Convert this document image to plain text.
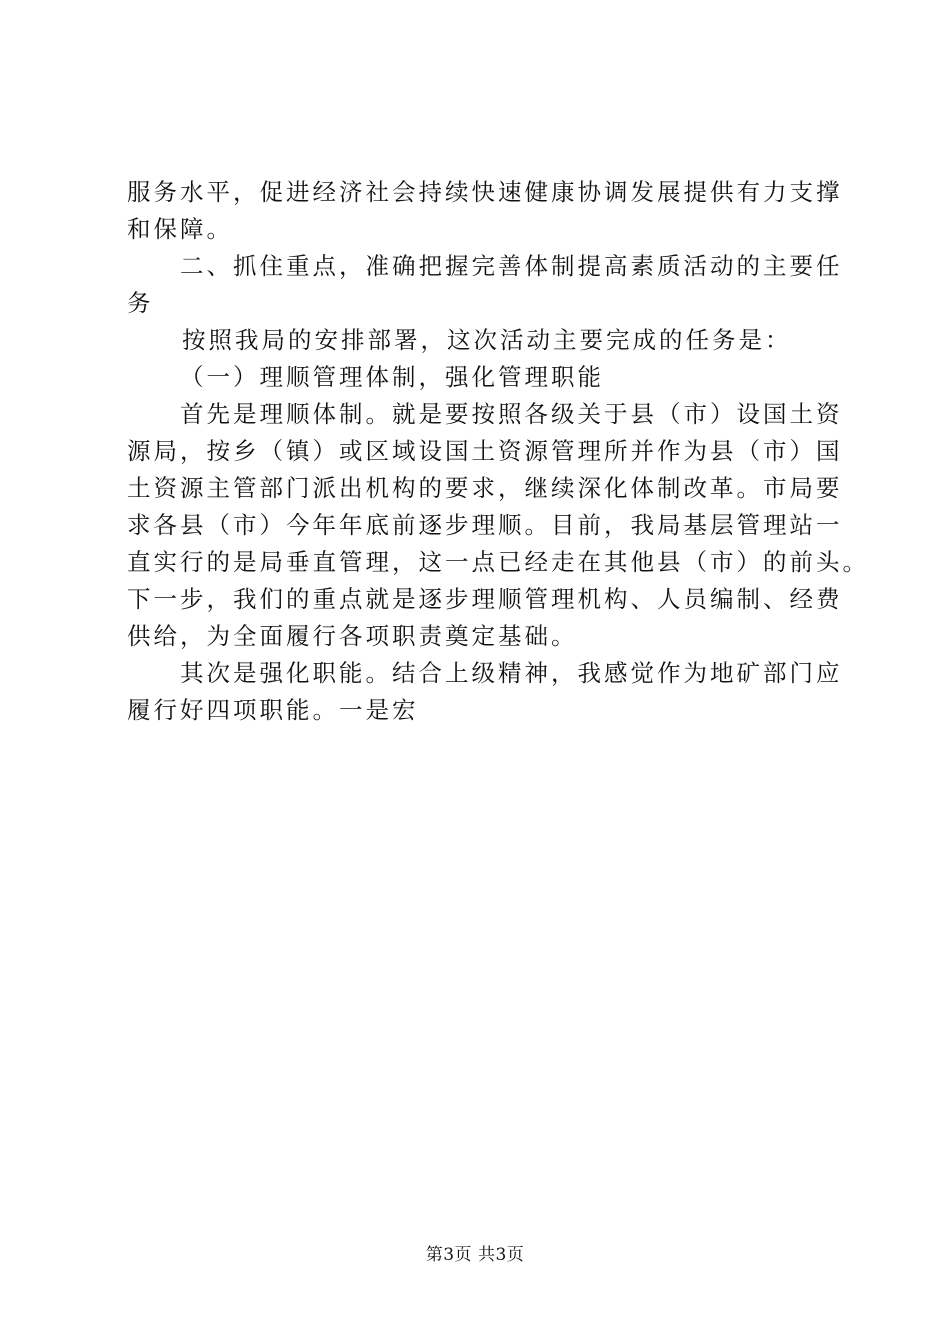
服务水平，促进经济社会持续快速健康协调发展提供有力支撑
和保障。
二、抓住重点，准确把握完善体制提高素质活动的主要任
务
按照我局的安排部署，这次活动主要完成的任务是：
（一）理顺管理体制，强化管理职能
首先是理顺体制。就是要按照各级关于县（市）设国土资
源局，按乡（镇）或区域设国土资源管理所并作为县（市）国
土资源主管部门派出机构的要求，继续深化体制改革。市局要
求各县（市）今年年底前逐步理顺。目前，我局基层管理站一
直实行的是局垂直管理，这一点已经走在其他县（市）的前头。
下一步，我们的重点就是逐步理顺管理机构、人员编制、经费
供给，为全面履行各项职责奠定基础。
其次是强化职能。结合上级精神，我感觉作为地矿部门应
履行好四项职能。一是宏
第3页 共3页
